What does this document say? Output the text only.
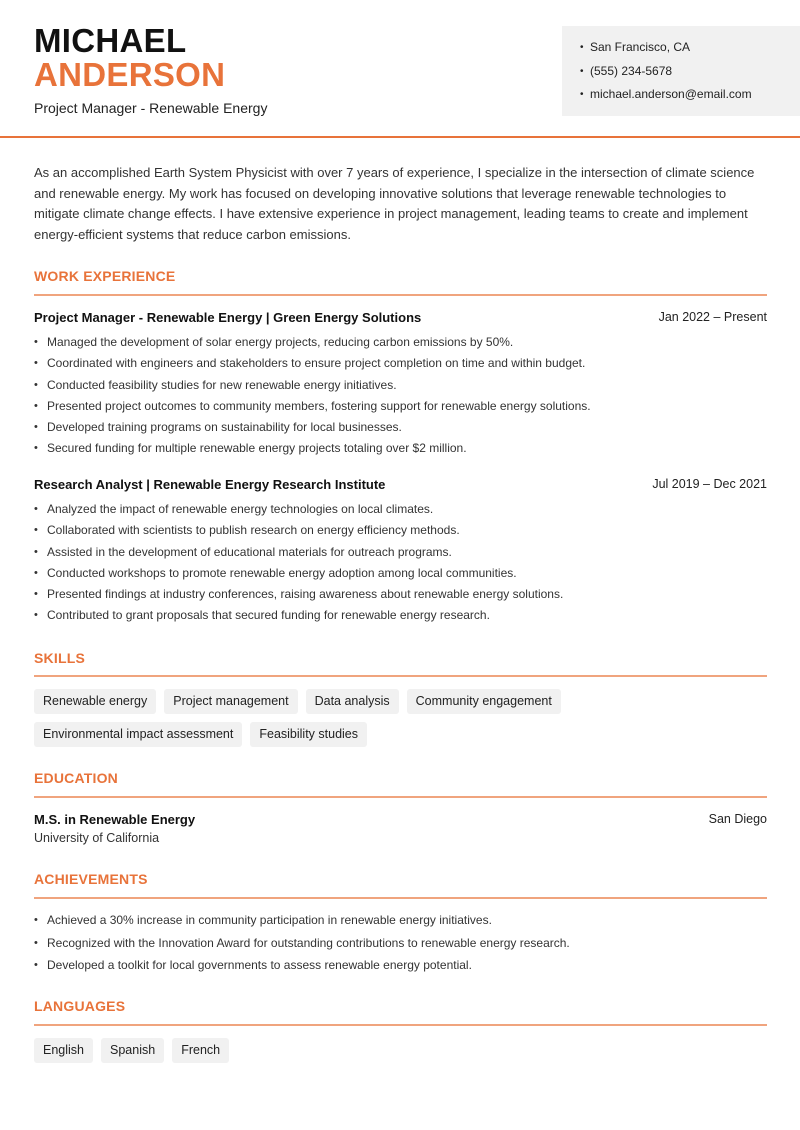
MICHAEL
ANDERSON
Project Manager - Renewable Energy
• San Francisco, CA
• (555) 234-5678
• michael.anderson@email.com

As an accomplished Earth System Physicist with over 7 years of experience, I specialize in the intersection of climate science and renewable energy. My work has focused on developing innovative solutions that leverage renewable technologies to mitigate climate change effects. I have extensive experience in project management, leading teams to create and implement energy-efficient systems that reduce carbon emissions.

WORK EXPERIENCE
Project Manager - Renewable Energy | Green Energy Solutions	Jan 2022 – Present
• Managed the development of solar energy projects, reducing carbon emissions by 50%.
• Coordinated with engineers and stakeholders to ensure project completion on time and within budget.
• Conducted feasibility studies for new renewable energy initiatives.
• Presented project outcomes to community members, fostering support for renewable energy solutions.
• Developed training programs on sustainability for local businesses.
• Secured funding for multiple renewable energy projects totaling over $2 million.
Research Analyst | Renewable Energy Research Institute	Jul 2019 – Dec 2021
• Analyzed the impact of renewable energy technologies on local climates.
• Collaborated with scientists to publish research on energy efficiency methods.
• Assisted in the development of educational materials for outreach programs.
• Conducted workshops to promote renewable energy adoption among local communities.
• Presented findings at industry conferences, raising awareness about renewable energy solutions.
• Contributed to grant proposals that secured funding for renewable energy research.
SKILLS
Renewable energy	Project management	Data analysis	Community engagement
Environmental impact assessment	Feasibility studies
EDUCATION
M.S. in Renewable Energy	San Diego
University of California
ACHIEVEMENTS
• Achieved a 30% increase in community participation in renewable energy initiatives.
• Recognized with the Innovation Award for outstanding contributions to renewable energy research.
• Developed a toolkit for local governments to assess renewable energy potential.
LANGUAGES
English	Spanish	French
